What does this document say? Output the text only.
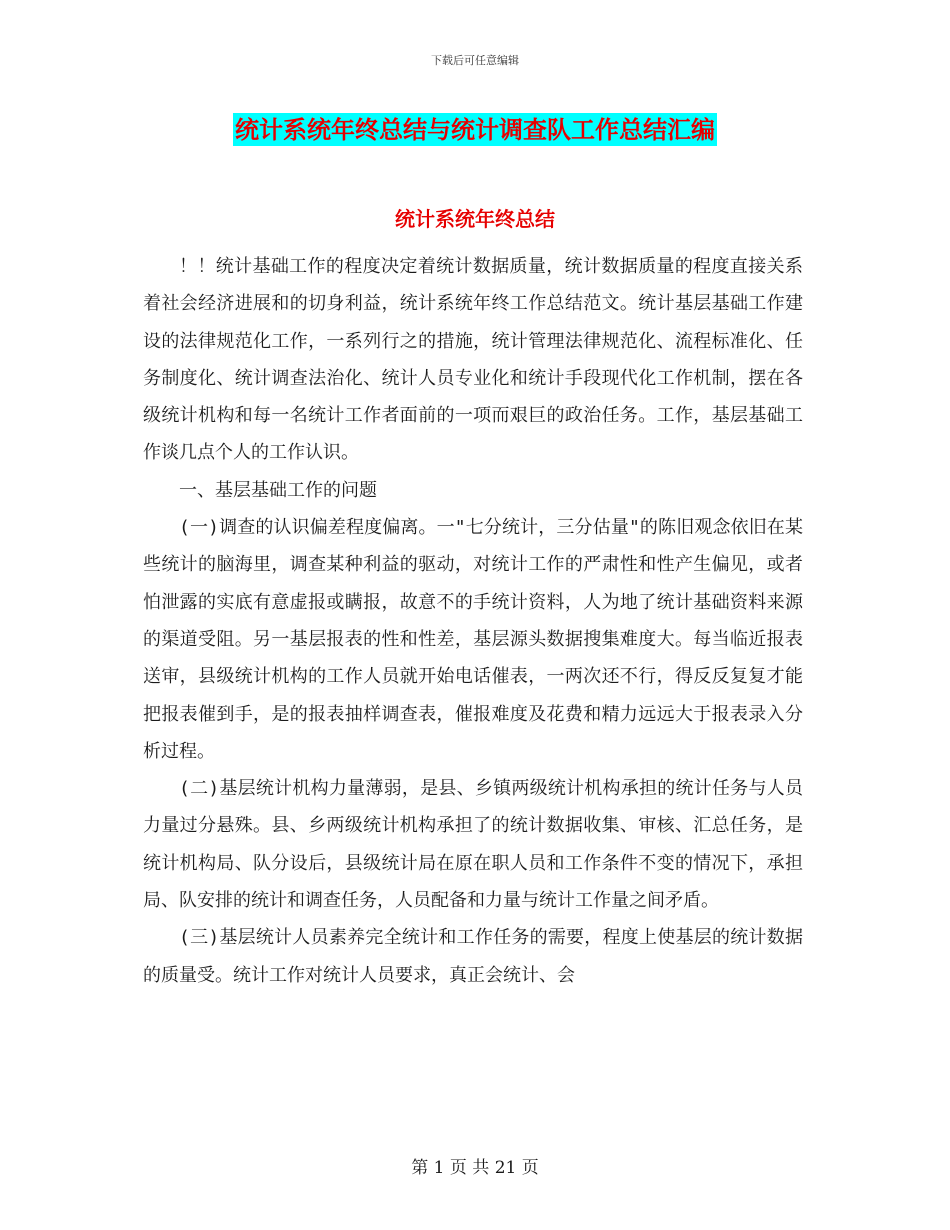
下载后可任意编辑
统计系统年终总结与统计调查队工作总结汇编
统计系统年终总结

！！统计基础工作的程度决定着统计数据质量，统计数据质量的程度直接关系着社会经济进展和的切身利益，统计系统年终工作总结范文。统计基层基础工作建设的法律规范化工作，一系列行之的措施，统计管理法律规范化、流程标准化、任务制度化、统计调查法治化、统计人员专业化和统计手段现代化工作机制，摆在各级统计机构和每一名统计工作者面前的一项而艰巨的政治任务。工作，基层基础工作谈几点个人的工作认识。

一、基层基础工作的问题

(一)调查的认识偏差程度偏离。一"七分统计，三分估量"的陈旧观念依旧在某些统计的脑海里，调查某种利益的驱动，对统计工作的严肃性和性产生偏见，或者怕泄露的实底有意虚报或瞒报，故意不的手统计资料，人为地了统计基础资料来源的渠道受阻。另一基层报表的性和性差，基层源头数据搜集难度大。每当临近报表送审，县级统计机构的工作人员就开始电话催表，一两次还不行，得反反复复才能把报表催到手，是的报表抽样调查表，催报难度及花费和精力远远大于报表录入分析过程。

(二)基层统计机构力量薄弱，是县、乡镇两级统计机构承担的统计任务与人员力量过分悬殊。县、乡两级统计机构承担了的统计数据收集、审核、汇总任务，是统计机构局、队分设后，县级统计局在原在职人员和工作条件不变的情况下，承担局、队安排的统计和调查任务，人员配备和力量与统计工作量之间矛盾。

(三)基层统计人员素养完全统计和工作任务的需要，程度上使基层的统计数据的质量受。统计工作对统计人员要求，真正会统计、会

第 1 页 共 21 页
